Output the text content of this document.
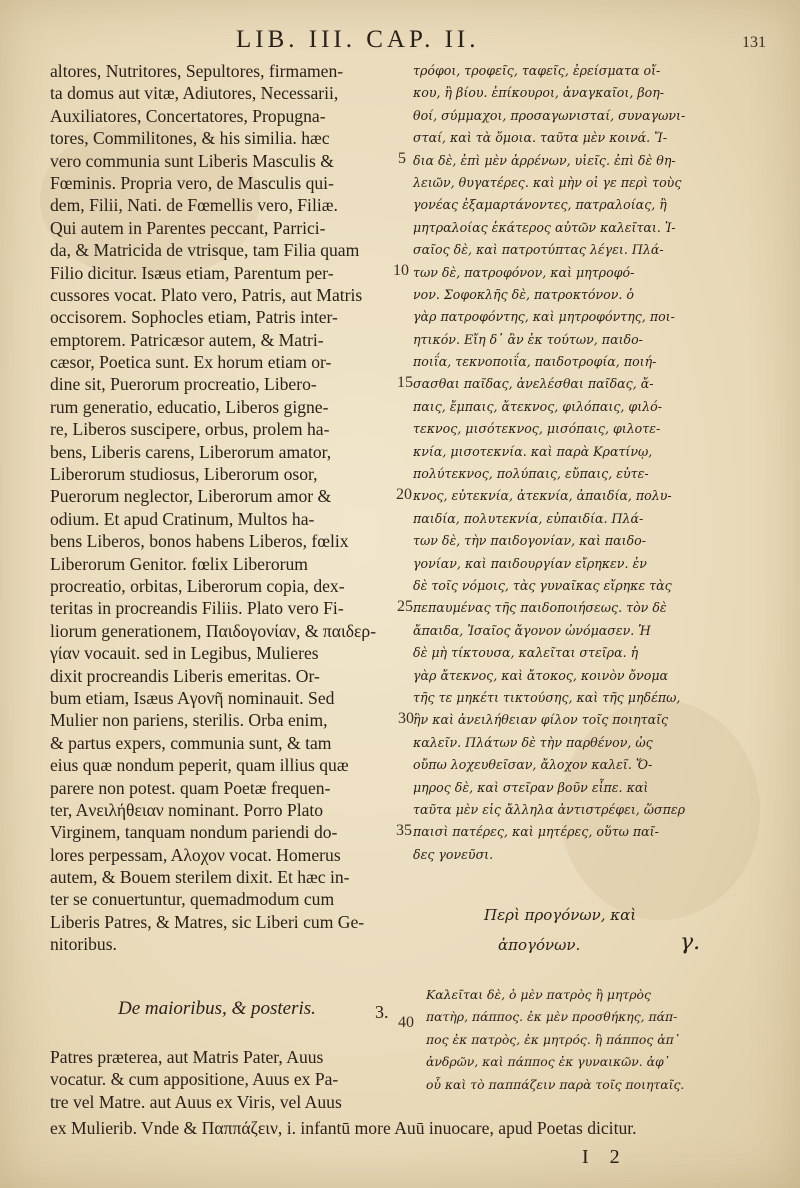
LIB. III. CAP. II.	131
altores, Nutritores, Sepultores, firmamen-
ta domus aut vitæ, Adiutores, Necessarii,
Auxiliatores, Concertatores, Propugna-
tores, Commilitones, & his similia. hæc
vero communia sunt Liberis Masculis &
Fœminis. Propria vero, de Masculis qui-
dem, Filii, Nati. de Fœmellis vero, Filiæ.
Qui autem in Parentes peccant, Parrici-
da, & Matricida de vtrisque, tam Filia quam
Filio dicitur. Isæus etiam, Parentum per-
cussores vocat. Plato vero, Patris, aut Matris
occisorem. Sophocles etiam, Patris inter-
emptorem. Patricæsor autem, & Matri-
cæsor, Poetica sunt. Ex horum etiam or-
dine sit, Puerorum procreatio, Libero-
rum generatio, educatio, Liberos gigne-
re, Liberos suscipere, orbus, prolem ha-
bens, Liberis carens, Liberorum amator,
Liberorum studiosus, Liberorum osor,
Puerorum neglector, Liberorum amor &
odium. Et apud Cratinum, Multos ha-
bens Liberos, bonos habens Liberos, fœlix
Liberorum Genitor. fœlix Liberorum
procreatio, orbitas, Liberorum copia, dex-
teritas in procreandis Filiis. Plato vero Fi-
liorum generationem, Παιδογονίαν, & παιδερ-
γίαν vocauit. sed in Legibus, Mulieres
dixit procreandis Liberis emeritas. Or-
bum etiam, Isæus Aγονῆ nominauit. Sed
Mulier non pariens, sterilis. Orba enim,
& partus expers, communia sunt, & tam
eius quæ nondum peperit, quam illius quæ
parere non potest. quam Poetæ frequen-
ter, Aνειλήθειαν nominant. Porro Plato
Virginem, tanquam nondum pariendi do-
lores perpessam, Aλοχον vocat. Homerus
autem, & Bouem sterilem dixit. Et hæc in-
ter se conuertuntur, quemadmodum cum
Liberis Patres, & Matres, sic Liberi cum Ge-
nitoribus.
τρόφοι, τροφεῖς, ταφεῖς, ἐρείσματα οἴ-
κου, ἢ βίου. ἐπίκουροι, ἀναγκαῖοι, βοη-
θοί, σύμμαχοι, προσαγωνισταί, συναγωνι-
σταί, καὶ τὰ ὅμοια. ταῦτα μὲν κοινά. Ἴ-
δια δὲ, ἐπὶ μὲν ἀρρένων, υἱεῖς. ἐπὶ δὲ θη-
λειῶν, θυγατέρες. καὶ μὴν οἱ γε περὶ τοὺς
γονέας ἐξαμαρτάνοντες, πατραλοίας, ἢ
μητραλοίας ἑκάτερος αὐτῶν καλεῖται. Ἰ-
σαῖος δὲ, καὶ πατροτύπτας λέγει. Πλά-
των δὲ, πατροφόνον, καὶ μητροφό-
νον. Σοφοκλῆς δὲ, πατροκτόνον. ὁ
γὰρ πατροφόντης, καὶ μητροφόντης, ποι-
ητικόν. Εἴη δ᾽ ἂν ἐκ τούτων, παιδο-
ποιΐα, τεκνοποιΐα, παιδοτροφία, ποιή-
σασθαι παῖδας, ἀνελέσθαι παῖδας, ἄ-
παις, ἔμπαις, ἄτεκνος, φιλόπαις, φιλό-
τεκνος, μισότεκνος, μισόπαις, φιλοτε-
κνία, μισοτεκνία. καὶ παρὰ Κρατίνῳ,
πολύτεκνος, πολύπαις, εὔπαις, εὐτε-
κνος, εὐτεκνία, ἀτεκνία, ἀπαιδία, πολυ-
παιδία, πολυτεκνία, εὐπαιδία. Πλά-
των δὲ, τὴν παιδογονίαν, καὶ παιδο-
γονίαν, καὶ παιδουργίαν εἴρηκεν. ἐν
δὲ τοῖς νόμοις, τὰς γυναῖκας εἴρηκε τὰς
πεπαυμένας τῆς παιδοποιήσεως. τὸν δὲ
ἄπαιδα, Ἰσαῖος ἄγονον ὠνόμασεν. Ἡ
δὲ μὴ τίκτουσα, καλεῖται στεῖρα. ἡ
γὰρ ἄτεκνος, καὶ ἄτοκος, κοινὸν ὄνομα
τῆς τε μηκέτι τικτούσης, καὶ τῆς μηδέπω,
ἣν καὶ ἀνειλήθειαν φίλον τοῖς ποιηταῖς
καλεῖν. Πλάτων δὲ τὴν παρθένον, ὡς
οὔπω λοχευθεῖσαν, ἄλοχον καλεῖ. Ὅ-
μηρος δὲ, καὶ στεῖραν βοῦν εἶπε. καὶ
ταῦτα μὲν εἰς ἄλληλα ἀντιστρέφει, ὥσπερ
παισὶ πατέρες, καὶ μητέρες, οὕτω παῖ-
δες γονεῦσι.
5
10
15
20
25
30
35
40
Περὶ προγόνων, καὶ
ἀπογόνων.	γ.
De maioribus, & posteris.	3.
Καλεῖται δὲ, ὁ μὲν πατρὸς ἢ μητρὸς
πατὴρ, πάππος. ἐκ μὲν προσθήκης, πάπ-
πος ἐκ πατρὸς, ἐκ μητρός. ἢ πάππος ἀπ᾽
ἀνδρῶν, καὶ πάππος ἐκ γυναικῶν. ἀφ᾽
οὗ καὶ τὸ παππάζειν παρὰ τοῖς ποιηταῖς.
Patres præterea, aut Matris Pater, Auus
vocatur. & cum appositione, Auus ex Pa-
tre vel Matre. aut Auus ex Viris, vel Auus
ex Mulierib. Vnde & Παππάζειν, i. infantū more Auū inuocare, apud Poetas dicitur.
I 2
